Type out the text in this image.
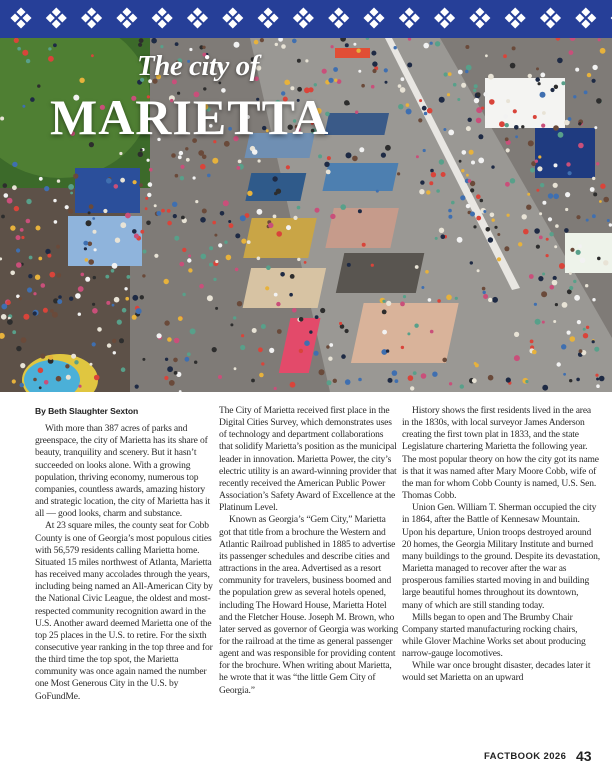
The city of
MARIETTA
By Beth Slaughter Sexton

With more than 387 acres of parks and greenspace, the city of Marietta has its share of beauty, tranquility and scenery. But it hasn’t succeeded on looks alone. With a growing population, thriving economy, numerous top companies, countless awards, amazing history and strategic location, the city of Marietta has it all — good looks, charm and substance.

At 23 square miles, the county seat for Cobb County is one of Georgia’s most populous cities with 56,579 residents calling Marietta home. Situated 15 miles northwest of Atlanta, Marietta has received many accolades through the years, including being named an All-American City by the National Civic League, the oldest and most-respected community recognition award in the U.S. Another award deemed Marietta one of the top 25 places in the U.S. to retire. For the sixth consecutive year ranking in the top three and for the third time the top spot, the Marietta community was once again named the number one Most Generous City in the U.S. by GoFundMe.

The City of Marietta received first place in the Digital Cities Survey, which demonstrates uses of technology and department collaborations that solidify Marietta’s position as the municipal leader in innovation. Marietta Power, the city’s electric utility is an award-winning provider that recently received the American Public Power Association’s Safety Award of Excellence at the Platinum Level.

Known as Georgia’s “Gem City,” Marietta got that title from a brochure the Western and Atlantic Railroad published in 1885 to advertise its passenger schedules and describe cities and attractions in the area. Advertised as a resort community for travelers, business boomed and the population grew as several hotels opened, including The Howard House, Marietta Hotel and the Fletcher House. Joseph M. Brown, who later served as governor of Georgia was working for the railroad at the time as general passenger agent and was responsible for providing content for the brochure. When writing about Marietta, he wrote that it was “the little Gem City of Georgia.”

History shows the first residents lived in the area in the 1830s, with local surveyor James Anderson creating the first town plat in 1833, and the state Legislature chartering Marietta the following year. The most popular theory on how the city got its name is that it was named after Mary Moore Cobb, wife of the man for whom Cobb County is named, U.S. Sen. Thomas Cobb.

Union Gen. William T. Sherman occupied the city in 1864, after the Battle of Kennesaw Mountain. Upon his departure, Union troops destroyed around 20 homes, the Georgia Military Institute and burned many buildings to the ground. Despite its devastation, Marietta managed to recover after the war as prosperous families started moving in and building large beautiful homes throughout its downtown, many of which are still standing today.

Mills began to open and The Brumby Chair Company started manufacturing rocking chairs, while Glover Machine Works set about producing narrow-gauge locomotives.

While war once brought disaster, decades later it would set Marietta on an upward

FACTBOOK 2026 43
